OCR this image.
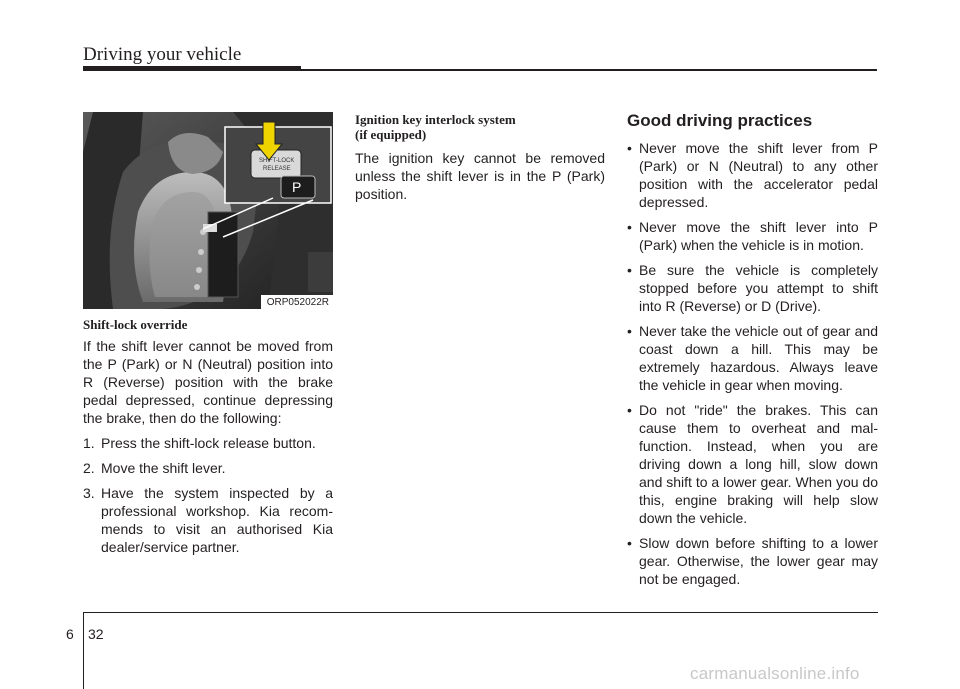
Driving your vehicle
P
SHIFT-LOCK
RELEASE
ORP052022R

Shift-lock override

If the shift lever cannot be moved from the P (Park) or N (Neutral) position into R (Reverse) position with the brake pedal depressed, continue depressing the brake, then do the following:

1. Press the shift-lock release button.
2. Move the shift lever.
3. Have the system inspected by a professional workshop. Kia recommends to visit an authorised Kia dealer/service partner.

Ignition key interlock system
(if equipped)

The ignition key cannot be removed unless the shift lever is in the P (Park) position.

Good driving practices

• Never move the shift lever from P (Park) or N (Neutral) to any other position with the accelerator pedal depressed.
• Never move the shift lever into P (Park) when the vehicle is in motion.
• Be sure the vehicle is completely stopped before you attempt to shift into R (Reverse) or D (Drive).
• Never take the vehicle out of gear and coast down a hill. This may be extremely hazardous. Always leave the vehicle in gear when moving.
• Do not "ride" the brakes. This can cause them to overheat and malfunction. Instead, when you are driving down a long hill, slow down and shift to a lower gear. When you do this, engine braking will help slow down the vehicle.
• Slow down before shifting to a lower gear. Otherwise, the lower gear may not be engaged.
6 32
carmanualsonline.info
